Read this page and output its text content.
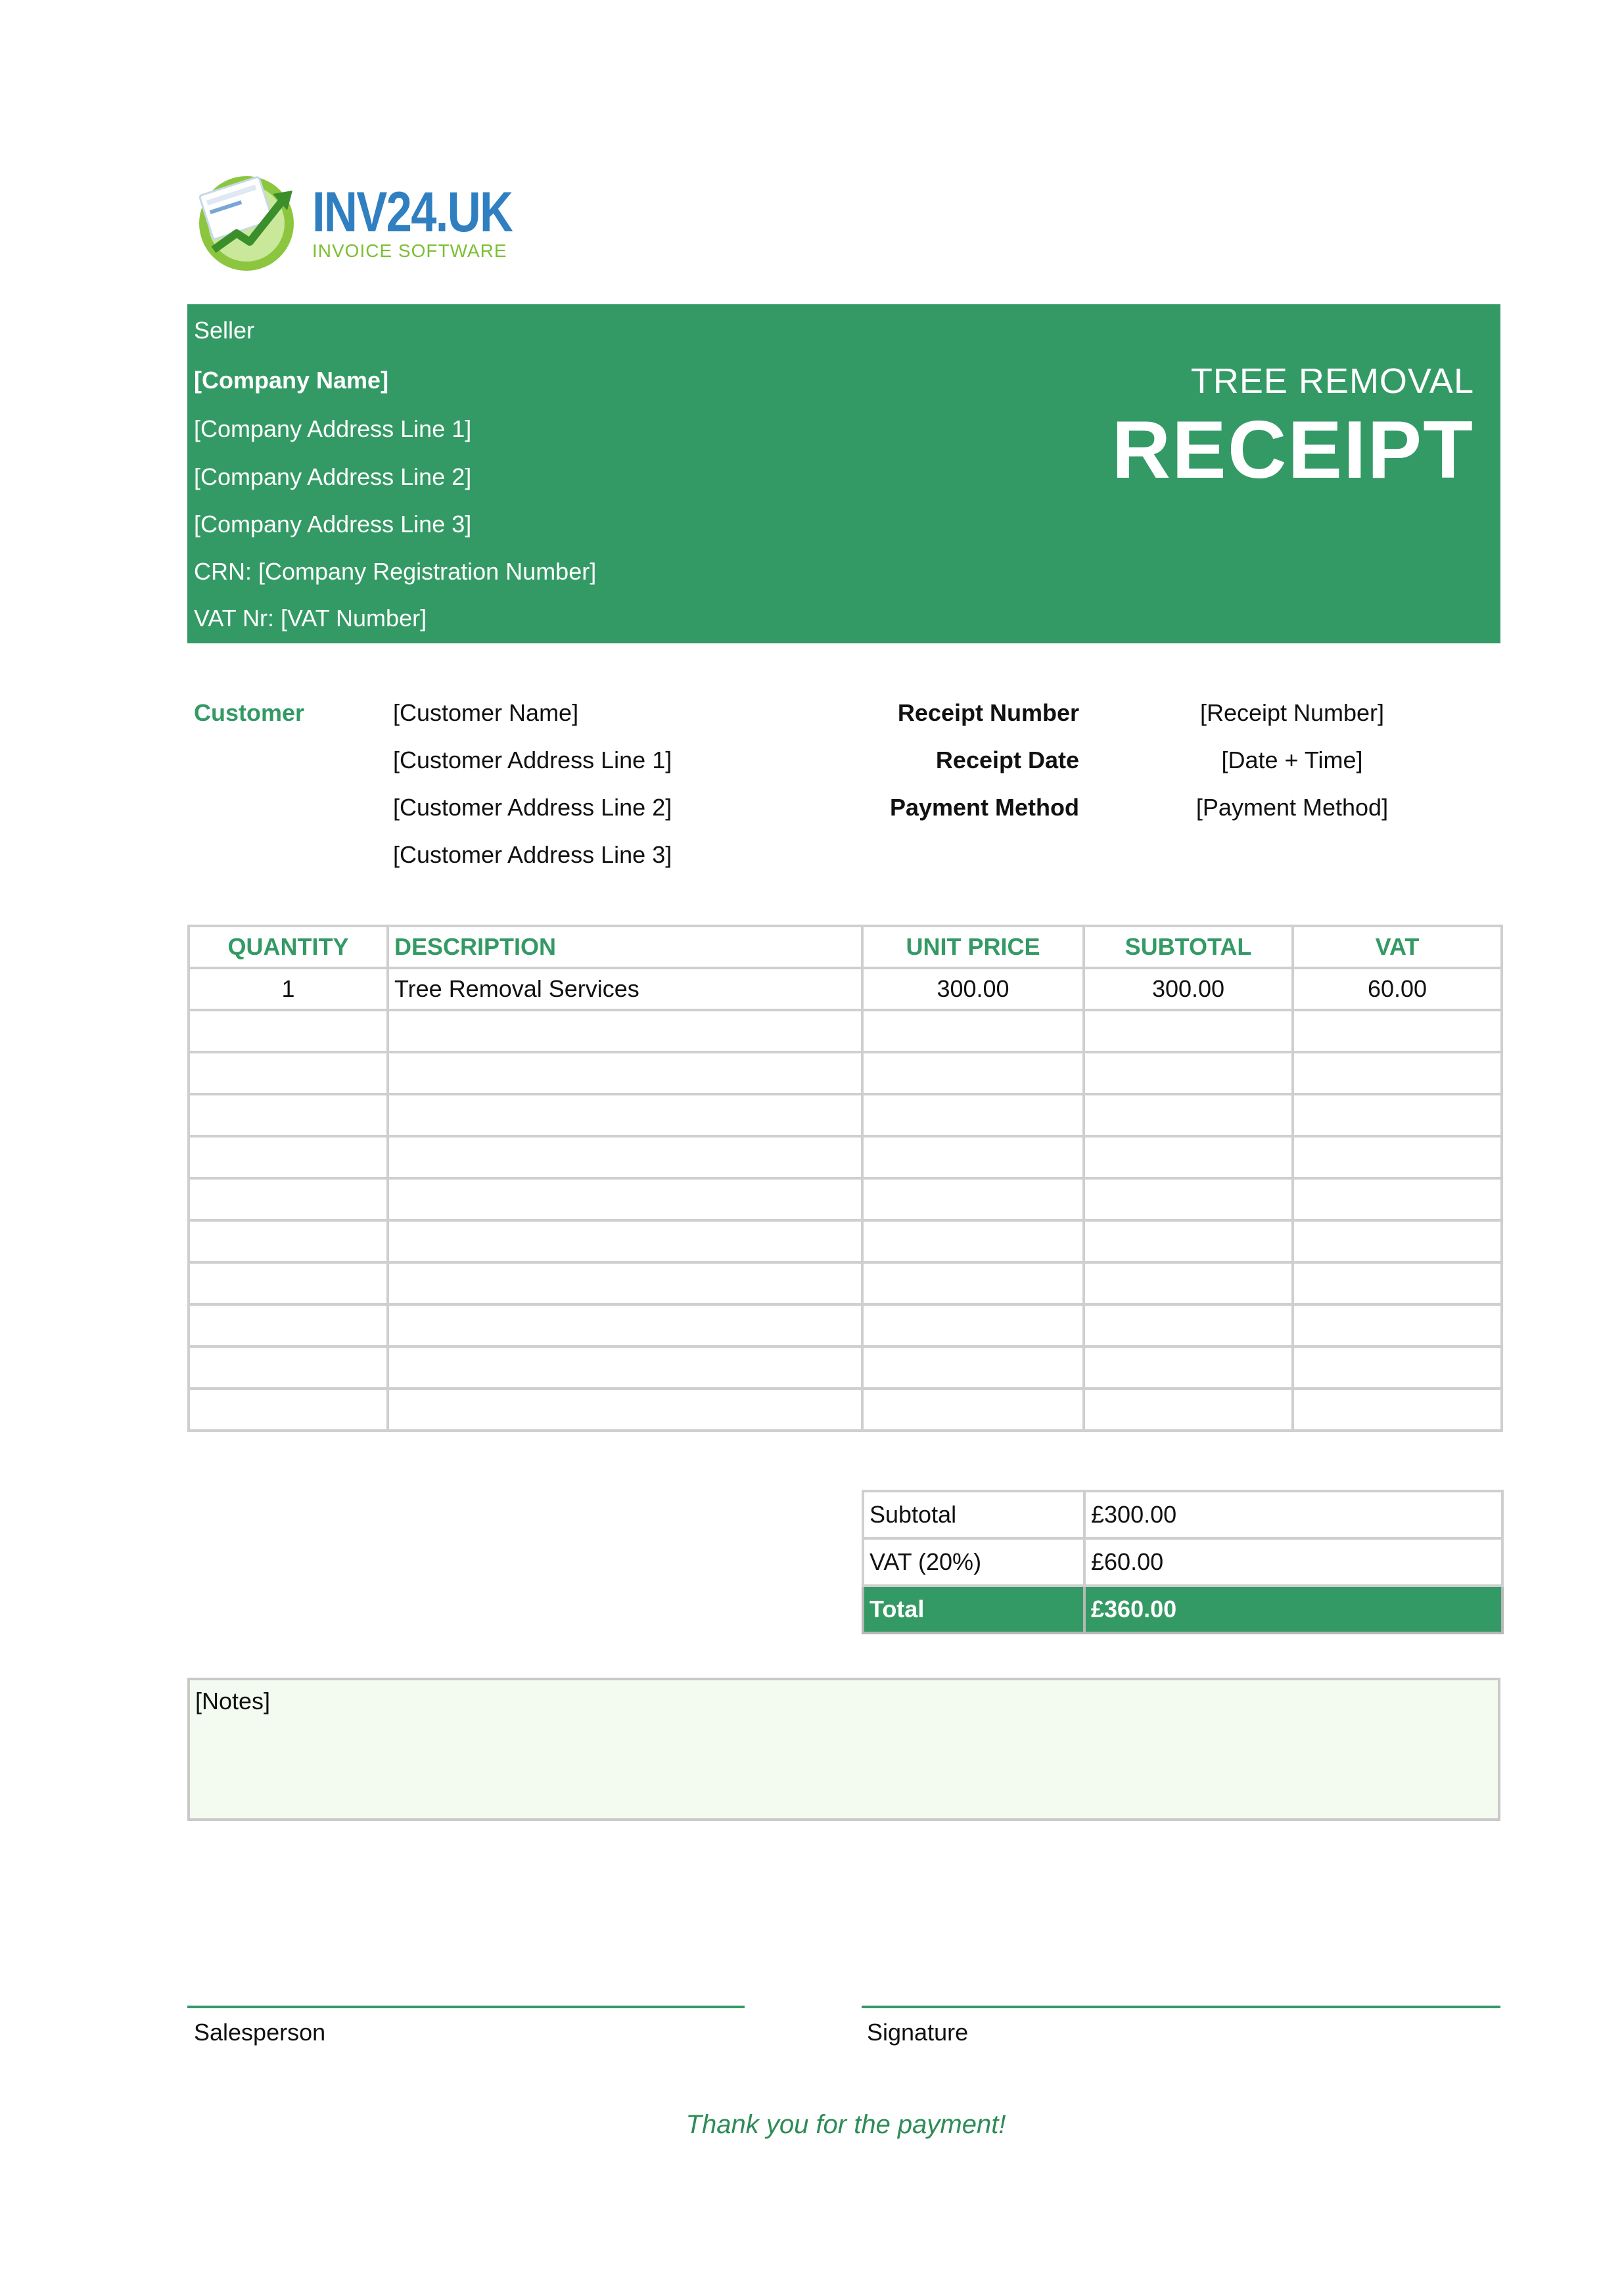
INV24.UK
INVOICE SOFTWARE
Seller
[Company Name]
[Company Address Line 1]
[Company Address Line 2]
[Company Address Line 3]
CRN: [Company Registration Number]
VAT Nr: [VAT Number]
TREE REMOVAL
RECEIPT
Customer	[Customer Name]
[Customer Address Line 1]
[Customer Address Line 2]
[Customer Address Line 3]
Receipt Number	[Receipt Number]
Receipt Date	[Date + Time]
Payment Method	[Payment Method]
QUANTITY	DESCRIPTION	UNIT PRICE	SUBTOTAL	VAT
1	Tree Removal Services	300.00	300.00	60.00

Subtotal	£300.00
VAT (20%)	£60.00
Total	£360.00
[Notes]
Salesperson	Signature
Thank you for the payment!
